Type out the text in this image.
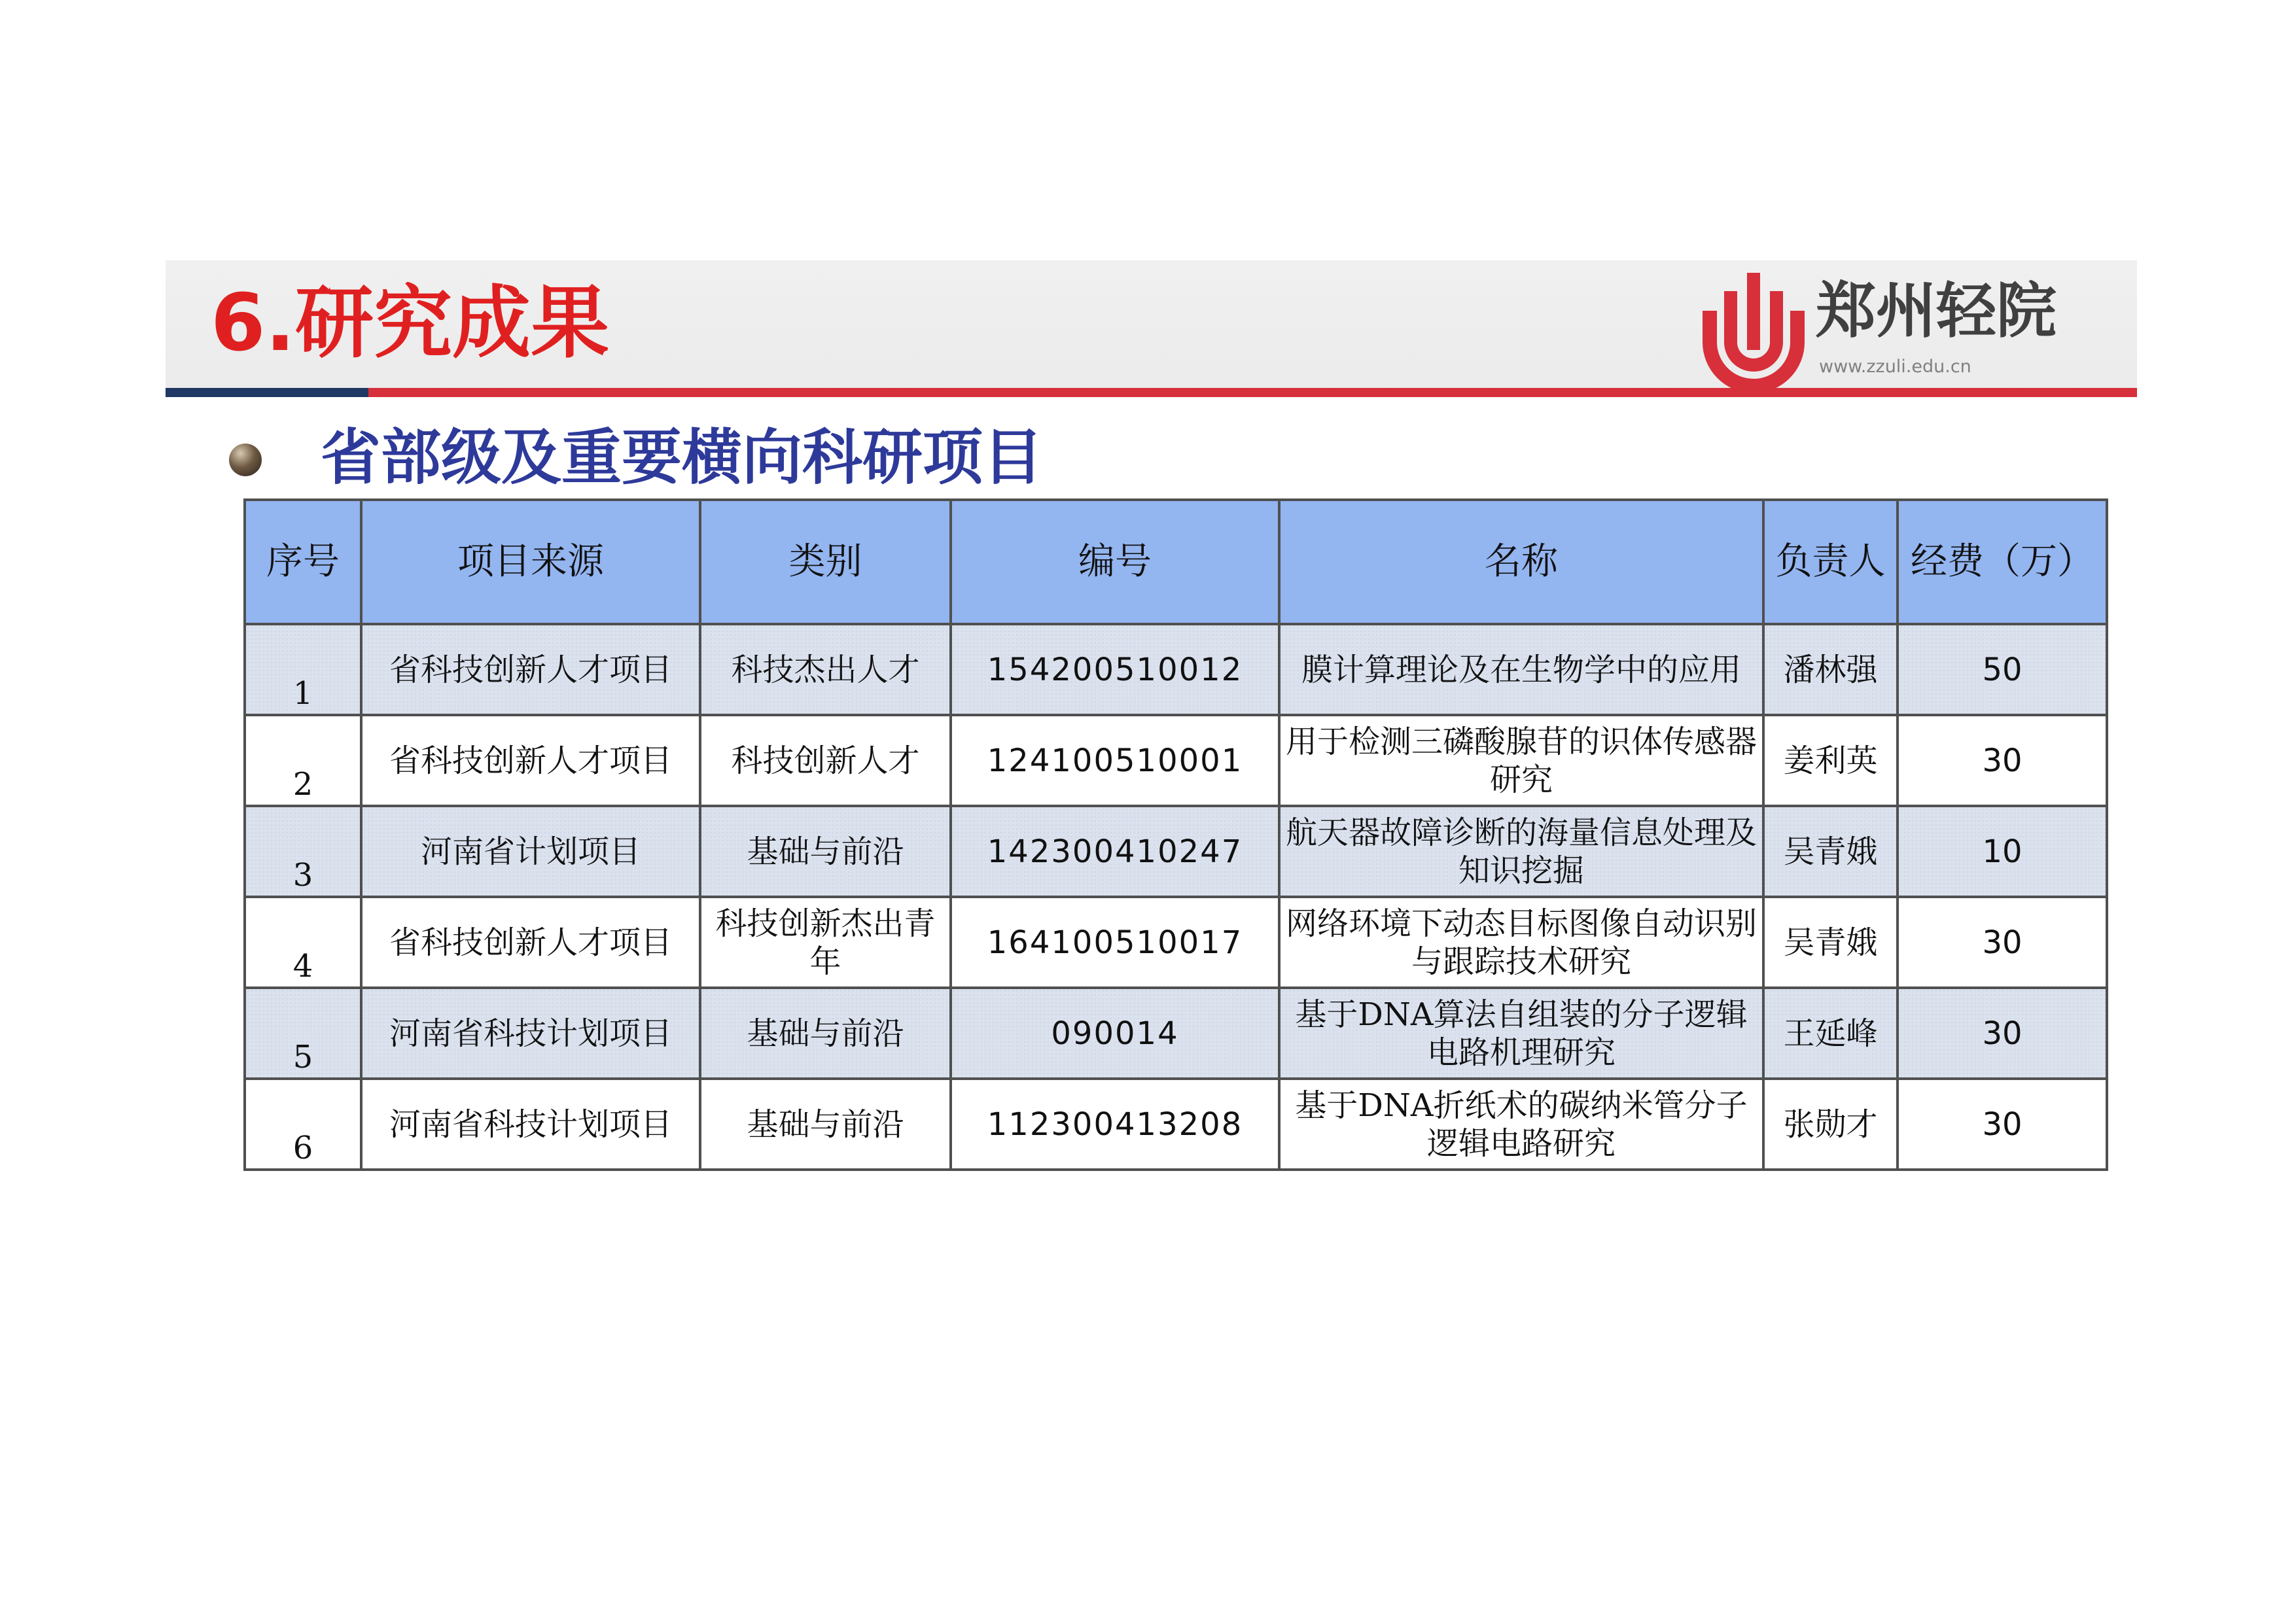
6.研究成果	郑州轻院
www.zzuli.edu.cn
省部级及重要横向科研项目
序号	项目来源	类别	编号	名称	负责人	经费（万）
1	省科技创新人才项目	科技杰出人才	154200510012	膜计算理论及在生物学中的应用	潘林强	50
2	省科技创新人才项目	科技创新人才	124100510001	用于检测三磷酸腺苷的识体传感器研究	姜利英	30
3	河南省计划项目	基础与前沿	142300410247	航天器故障诊断的海量信息处理及知识挖掘	吴青娥	10
4	省科技创新人才项目	科技创新杰出青年	164100510017	网络环境下动态目标图像自动识别与跟踪技术研究	吴青娥	30
5	河南省科技计划项目	基础与前沿	090014	基于DNA算法自组装的分子逻辑电路机理研究	王延峰	30
6	河南省科技计划项目	基础与前沿	112300413208	基于DNA折纸术的碳纳米管分子逻辑电路研究	张勋才	30
